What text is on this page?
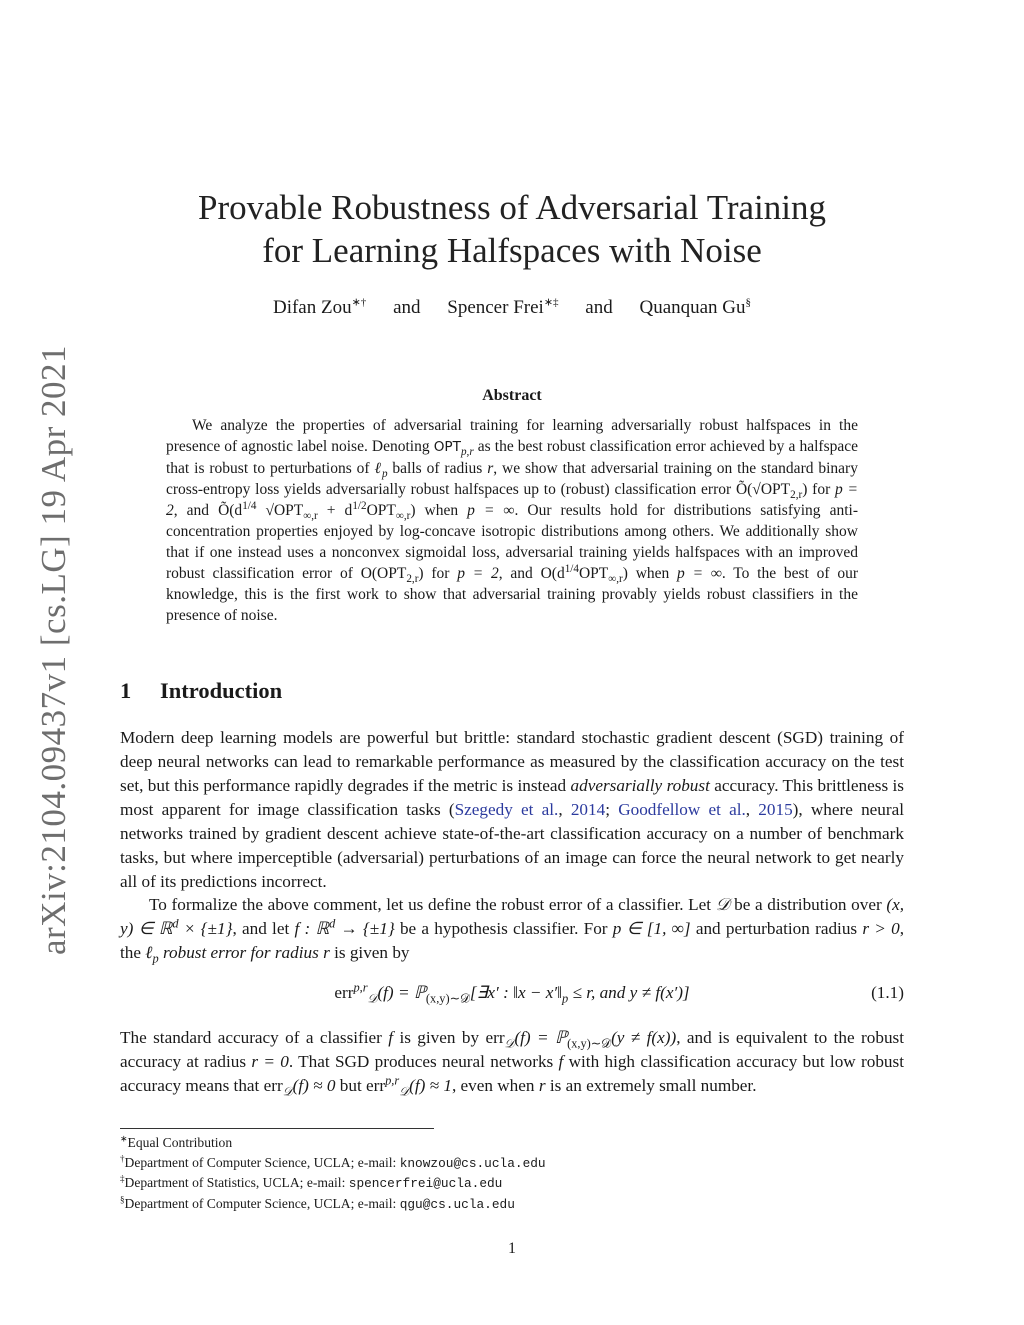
arXiv:2104.09437v1 [cs.LG] 19 Apr 2021
Provable Robustness of Adversarial Training
for Learning Halfspaces with Noise
Difan Zou∗† and Spencer Frei∗‡ and Quanquan Gu§
Abstract
We analyze the properties of adversarial training for learning adversarially robust halfspaces in the presence of agnostic label noise. Denoting $OPT_{p,r}$ as the best robust classification error achieved by a halfspace that is robust to perturbations of ℓ$_p$ balls of radius r, we show that adversarial training on the standard binary cross-entropy loss yields adversarially robust halfspaces up to (robust) classification error $Õ(√OPT_{2,r})$ for p = 2, and $Õ(d^{1/4}$ $√OPT_{\infty,r} + d^{1/2}OPT_{\infty,r}$) when p = ∞. Our results hold for distributions satisfying anti-concentration properties enjoyed by log-concave isotropic distributions among others. We additionally show that if one instead uses a nonconvex sigmoidal loss, adversarial training yields halfspaces with an improved robust classification error of $O(OPT_{2,r})$ for p = 2, and $O(d^{1/4}OPT_{\infty,r})$ when p = ∞. To the best of our knowledge, this is the first work to show that adversarial training provably yields robust classifiers in the presence of noise.
1 Introduction
Modern deep learning models are powerful but brittle: standard stochastic gradient descent (SGD) training of deep neural networks can lead to remarkable performance as measured by the classification accuracy on the test set, but this performance rapidly degrades if the metric is instead adversarially robust accuracy. This brittleness is most apparent for image classification tasks (Szegedy et al., 2014; Goodfellow et al., 2015), where neural networks trained by gradient descent achieve state-of-the-art classification accuracy on a number of benchmark tasks, but where imperceptible (adversarial) perturbations of an image can force the neural network to get nearly all of its predictions incorrect.
To formalize the above comment, let us define the robust error of a classifier. Let 𝒟 be a distribution over (x, y) ∈ ℝ$^d$ × {±1}, and let f : ℝ$^d$ → {±1} be a hypothesis classifier. For p ∈ [1, ∞] and perturbation radius r > 0, the ℓ$_p$ robust error for radius r is given by
err$^{p,r}_𝒟$(f) = ℙ$_{(x,y)\sim 𝒟}$[∃x′ : ‖x − $x'‖_p \le r$, and y ≠ f(x′)]	(1.1)
The standard accuracy of a classifier f is given by err$_𝒟$(f) = ℙ$_{(x,y)\sim 𝒟}$(y ≠ f(x)), and is equivalent to the robust accuracy at radius r = 0. That SGD produces neural networks f with high classification accuracy but low robust accuracy means that err$_𝒟$(f) ≈ 0 but err$^{p,r}_𝒟$(f) ≈ 1, even when r is an extremely small number.
∗Equal Contribution
†Department of Computer Science, UCLA; e-mail: knowzou@cs.ucla.edu
‡Department of Statistics, UCLA; e-mail: spencerfrei@ucla.edu
§Department of Computer Science, UCLA; e-mail: qgu@cs.ucla.edu
1
